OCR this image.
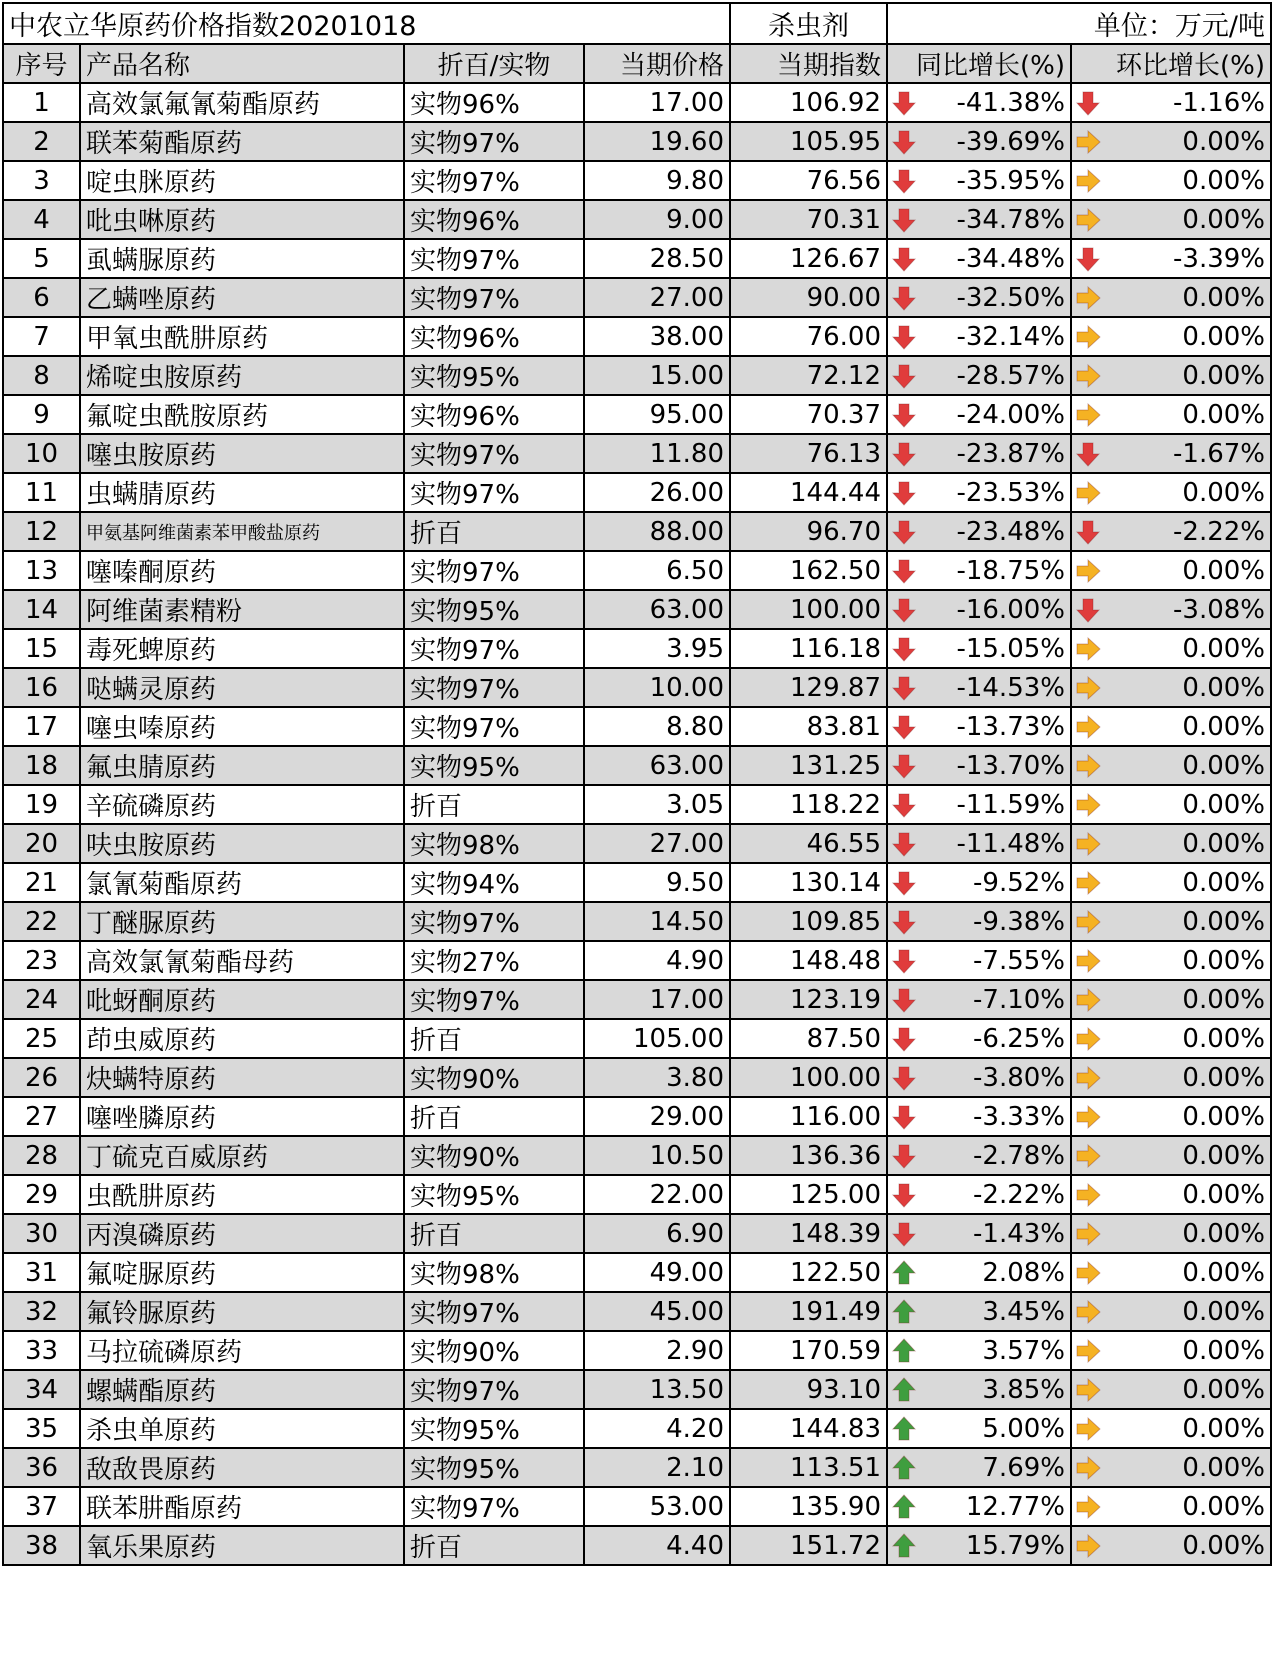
中农立华原药价格指数20201018				杀虫剂	单位：万元/吨	
序号	产品名称	折百/实物	当期价格	当期指数	同比增长(%)	环比增长(%)
1	高效氯氟氰菊酯原药	实物96%	17.00	106.92	-41.38%	-1.16%

2	联苯菊酯原药	实物97%	19.60	105.95	-39.69%	0.00%

3	啶虫脒原药	实物97%	9.80	76.56	-35.95%	0.00%

4	吡虫啉原药	实物96%	9.00	70.31	-34.78%	0.00%

5	虱螨脲原药	实物97%	28.50	126.67	-34.48%	-3.39%

6	乙螨唑原药	实物97%	27.00	90.00	-32.50%	0.00%

7	甲氧虫酰肼原药	实物96%	38.00	76.00	-32.14%	0.00%

8	烯啶虫胺原药	实物95%	15.00	72.12	-28.57%	0.00%

9	氟啶虫酰胺原药	实物96%	95.00	70.37	-24.00%	0.00%

10	噻虫胺原药	实物97%	11.80	76.13	-23.87%	-1.67%

11	虫螨腈原药	实物97%	26.00	144.44	-23.53%	0.00%

12	甲氨基阿维菌素苯甲酸盐原药	折百	88.00	96.70	-23.48%	-2.22%

13	噻嗪酮原药	实物97%	6.50	162.50	-18.75%	0.00%

14	阿维菌素精粉	实物95%	63.00	100.00	-16.00%	-3.08%

15	毒死蜱原药	实物97%	3.95	116.18	-15.05%	0.00%

16	哒螨灵原药	实物97%	10.00	129.87	-14.53%	0.00%

17	噻虫嗪原药	实物97%	8.80	83.81	-13.73%	0.00%

18	氟虫腈原药	实物95%	63.00	131.25	-13.70%	0.00%

19	辛硫磷原药	折百	3.05	118.22	-11.59%	0.00%

20	呋虫胺原药	实物98%	27.00	46.55	-11.48%	0.00%

21	氯氰菊酯原药	实物94%	9.50	130.14	-9.52%	0.00%

22	丁醚脲原药	实物97%	14.50	109.85	-9.38%	0.00%

23	高效氯氰菊酯母药	实物27%	4.90	148.48	-7.55%	0.00%

24	吡蚜酮原药	实物97%	17.00	123.19	-7.10%	0.00%

25	茚虫威原药	折百	105.00	87.50	-6.25%	0.00%

26	炔螨特原药	实物90%	3.80	100.00	-3.80%	0.00%

27	噻唑膦原药	折百	29.00	116.00	-3.33%	0.00%

28	丁硫克百威原药	实物90%	10.50	136.36	-2.78%	0.00%

29	虫酰肼原药	实物95%	22.00	125.00	-2.22%	0.00%

30	丙溴磷原药	折百	6.90	148.39	-1.43%	0.00%

31	氟啶脲原药	实物98%	49.00	122.50	2.08%	0.00%

32	氟铃脲原药	实物97%	45.00	191.49	3.45%	0.00%

33	马拉硫磷原药	实物90%	2.90	170.59	3.57%	0.00%

34	螺螨酯原药	实物97%	13.50	93.10	3.85%	0.00%

35	杀虫单原药	实物95%	4.20	144.83	5.00%	0.00%

36	敌敌畏原药	实物95%	2.10	113.51	7.69%	0.00%

37	联苯肼酯原药	实物97%	53.00	135.90	12.77%	0.00%

38	氧乐果原药	折百	4.40	151.72	15.79%	0.00%
